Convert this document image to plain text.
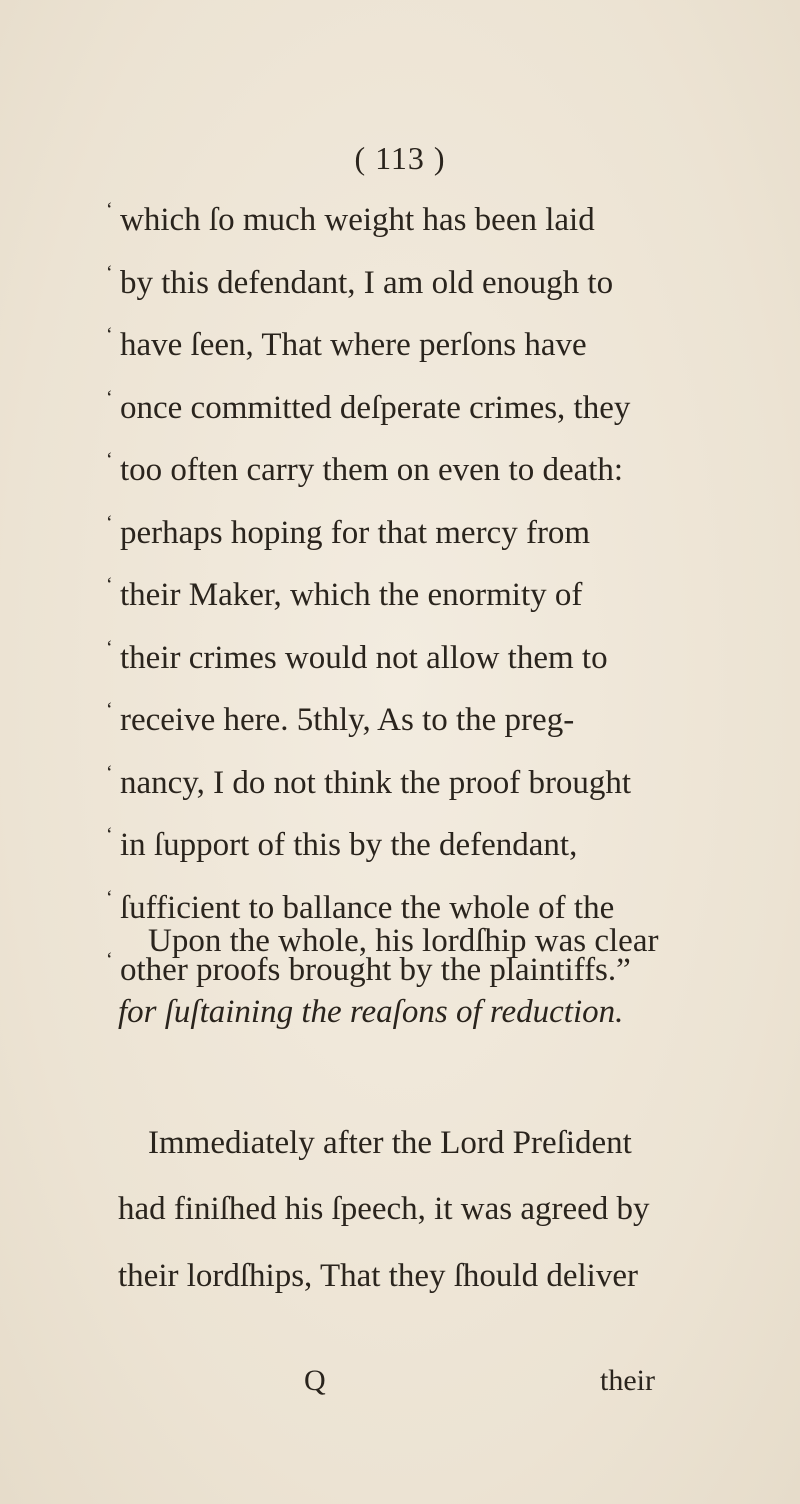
( 113 )
‘ which ſo much weight has been laid
‘ by this defendant, I am old enough to
‘ have ſeen, That where perſons have
‘ once committed deſperate crimes, they
‘ too often carry them on even to death:
‘ perhaps hoping for that mercy from
‘ their Maker, which the enormity of
‘ their crimes would not allow them to
‘ receive here. 5thly, As to the preg-
‘ nancy, I do not think the proof brought
‘ in ſupport of this by the defendant,
‘ ſufficient to ballance the whole of the
‘ other proofs brought by the plaintiffs.”
Upon the whole, his lordſhip was clear
for ſuſtaining the reaſons of reduction.
Immediately after the Lord Preſident
had finiſhed his ſpeech, it was agreed by
their lordſhips, That they ſhould deliver
Q	their
